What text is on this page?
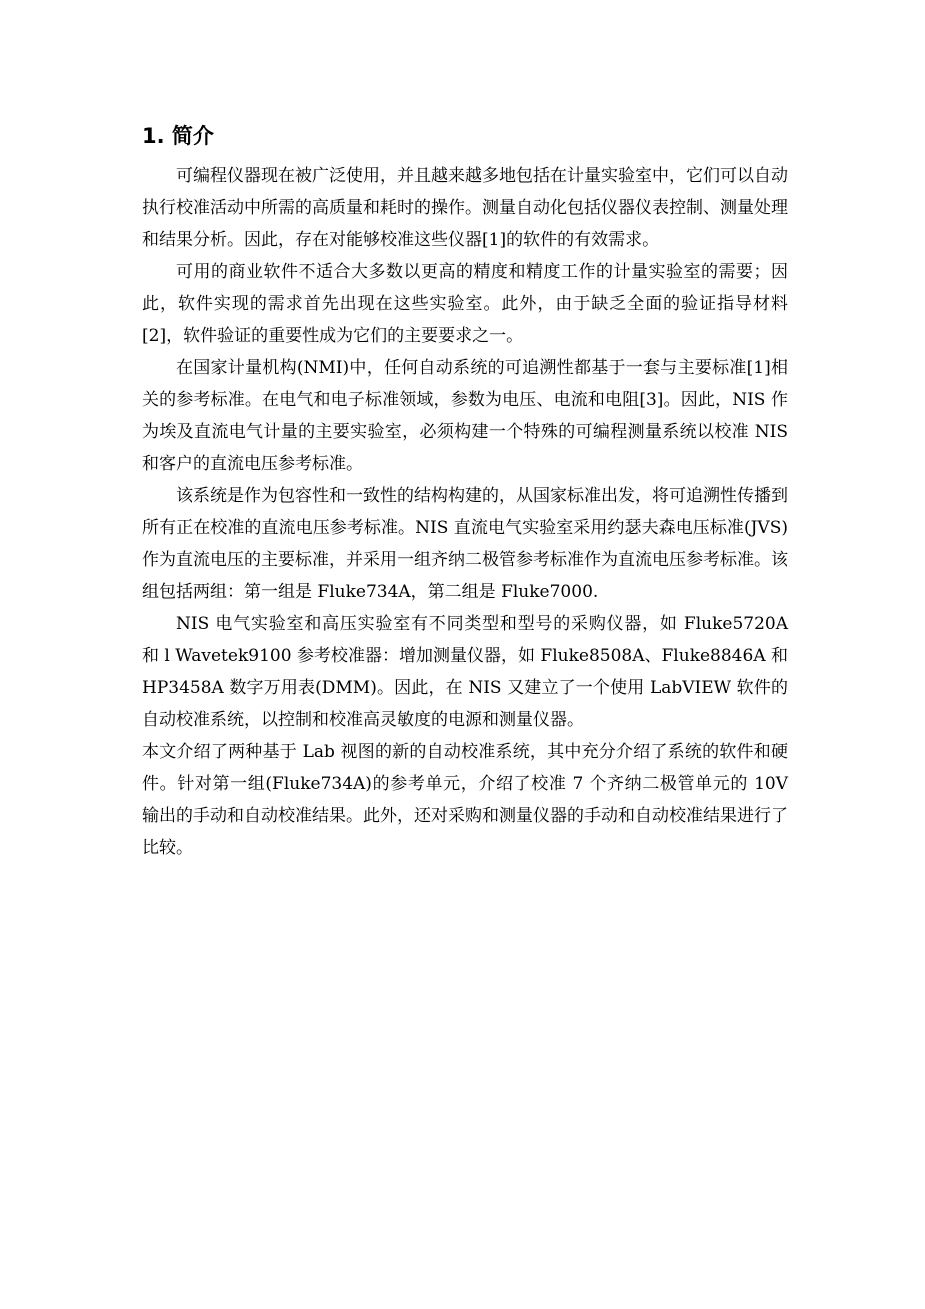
1. 简介

可编程仪器现在被广泛使用，并且越来越多地包括在计量实验室中，它们可以自动执行校准活动中所需的高质量和耗时的操作。测量自动化包括仪器仪表控制、测量处理和结果分析。因此，存在对能够校准这些仪器[1]的软件的有效需求。

可用的商业软件不适合大多数以更高的精度和精度工作的计量实验室的需要；因此，软件实现的需求首先出现在这些实验室。此外，由于缺乏全面的验证指导材料[2]，软件验证的重要性成为它们的主要要求之一。

在国家计量机构(NMI)中，任何自动系统的可追溯性都基于一套与主要标准[1]相关的参考标准。在电气和电子标准领域，参数为电压、电流和电阻[3]。因此，NIS 作为埃及直流电气计量的主要实验室，必须构建一个特殊的可编程测量系统以校准 NIS 和客户的直流电压参考标准。

该系统是作为包容性和一致性的结构构建的，从国家标准出发，将可追溯性传播到所有正在校准的直流电压参考标准。NIS 直流电气实验室采用约瑟夫森电压标准(JVS)作为直流电压的主要标准，并采用一组齐纳二极管参考标准作为直流电压参考标准。该组包括两组：第一组是 Fluke734A，第二组是 Fluke7000.

NIS 电气实验室和高压实验室有不同类型和型号的采购仪器，如 Fluke5720A 和 l Wavetek9100 参考校准器：增加测量仪器，如 Fluke8508A、Fluke8846A 和 HP3458A 数字万用表(DMM)。因此，在 NIS 又建立了一个使用 LabVIEW 软件的自动校准系统，以控制和校准高灵敏度的电源和测量仪器。

本文介绍了两种基于 Lab 视图的新的自动校准系统，其中充分介绍了系统的软件和硬件。针对第一组(Fluke734A)的参考单元，介绍了校准 7 个齐纳二极管单元的 10V 输出的手动和自动校准结果。此外，还对采购和测量仪器的手动和自动校准结果进行了比较。
